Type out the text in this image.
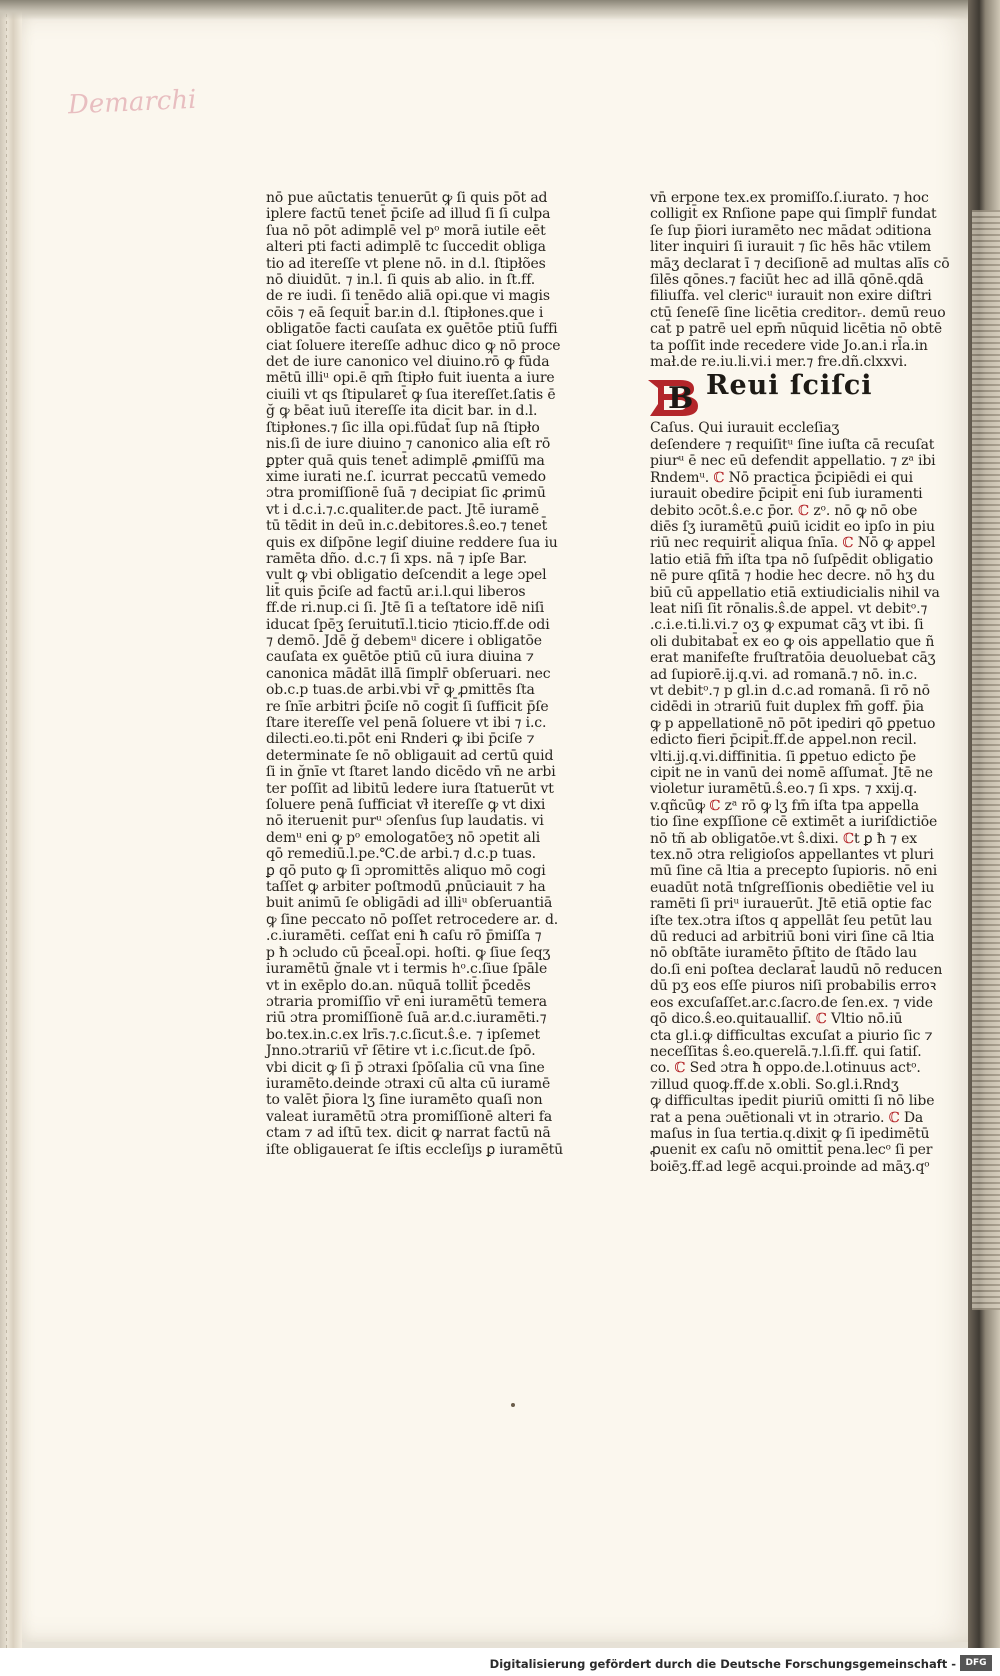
Demarchi

nō pue aūctatis tenuerūt ꝙ ſi quis pōt ad

iplere factū tenet̄ p̄ciſe ad illud ſi ſi culpa

ſua nō pōt adimplē vel pᵒ morā iutile eēt

alteri pti facti adimplē tc ſuccedit obliga

tio ad itereſſe vt plene nō. in d.l. ſtipłões

nō diuidūt. ⁊ in.l. ſi quis ab alio. in ſt.ff.

de re iudi. ſi tenēdo aliā opi.que vi magis

cōis ⁊ eā ſequit̄ bar.in d.l. ſtipłones.que i

obligatōe facti cauſata ex ꝯuētōe ptiū ſuffi

ciat ſoluere itereſſe adhuc dico ꝙ nō proce

det de iure canonico vel diuino.rō ꝙ fūda

mētū illiᵘ opi.ē qm̄ ſtipło fuit iuenta a iure

ciuili vt qs ſtipularet̄ ꝙ ſua itereſſet.ſatis ē

ğ ꝙ bēat iuū itereſſe ita dicit bar. in d.l.

ſtipłones.⁊ ſic illa opi.fūdat̄ ſup nā ſtipło

nis.ſi de iure diuino ⁊ canonico alia eſt rō

ꝑpter quā quis tenet̄ adimplē ꝓmiſſū ma

xime iurati ne.ſ. icurrat peccatū vemedo

ɔtra promiſſionē ſuā ⁊ decipiat ſic ꝓrimū

vt i d.c.i.⁊.c.qualiter.de pact. Jtē iuramē

tū tēdit in deū in.c.debitores.ŝ.eo.⁊ tenet̄

quis ex diſpōne legiſ diuine reddere ſua iu

ramēta dño. d.c.⁊ ſi xps. nā ⁊ ipſe Bar.

vult ꝙ vbi obligatio deſcendit a lege ɔpel

lit̄ quis p̄ciſe ad factū ar.i.l.qui liberos

ff.de ri.nup.ci ſi. Jtē ſi a teſtatore idē niſi

iducat ſpēʒ ſeruitutī.l.ticio ⁊ticio.ff.de odi

⁊ demō. Jdē ğ debemᵘ dicere i obligatōe

cauſata ex ꝯuētōe ptiū cū iura diuina ⁊

canonica mādāt illā ſimplr̄ obſeruari. nec

ob.c.p tuas.de arbi.vbi vr̄ ꝙ ꝓmittēs ſta

re ſnīe arbitri p̄ciſe nō cogit̄ ſi ſufficit p̄ſe

ſtare itereſſe vel penā ſoluere vt ibi ⁊ i.c.

dilecti.eo.ti.pōt eni Rnderi ꝙ ibi p̄ciſe ⁊

determinate ſe nō obligauit ad certū quid

ſi in ğnīe vt ſtaret lando dicēdo vn̄ ne arbi

ter poſſit ad libitū ledere iura ſtatuerūt vt

ſoluere penā ſufficiat vł̄ itereſſe ꝙ vt dixi

nō iteruenit purᵘ ɔſenſus ſup laudatis. vi

demᵘ eni ꝙ pᵒ emologatōeʒ nō ɔpetit ali

qō remediū.l.pe.℃.de arbi.⁊ d.c.p tuas.

ꝑ qō puto ꝙ ſi ɔpromittēs aliquo mō cogi

taſſet ꝙ arbiter poſtmodū ꝓnūciauit ⁊ ha

buit animū ſe obligādi ad illiᵘ obſeruantiā

ꝙ ſine peccato nō poſſet retrocedere ar. d.

.c.iuramēti. ceſſat eni ħ caſu rō p̄miſſa ⁊

p ħ ɔcludo cū p̄ceal̄.opi. hoſti. ꝙ ſiue ſeqʒ

iuramētū ğnale vt i termis hᵒ.c.ſiue ſpāle

vt in exēplo do.an. nūquā tollit̄ p̄cedēs

ɔtraria promiſſio vr̄ eni iuramētū temera

riū ɔtra promiſſionē ſuā ar.d.c.iuramēti.⁊

bo.tex.in.c.ex lrīs.⁊.c.ſicut.ŝ.e. ⁊ ipſemet

Jnno.ɔtrariū vr̄ ſētire vt i.c.ſicut.de ſpō.

vbi dicit ꝙ ſi p̄ ɔtraxi ſpōſalia cū vna ſine

iuramēto.deinde ɔtraxi cū alta cū iuramē

to valēt p̄iora lʒ ſine iuramēto quaſi non

valeat iuramētū ɔtra promiſſionē alteri fa

ctam ⁊ ad iſtū tex. dicit ꝙ narrat factū nā

iſte obligauerat ſe iſtis eccleſiȷs ꝑ iuramētū

vn̄ erpone tex.ex promiſſo.ſ.iurato. ⁊ hoc

colligit̄ ex Rnſione pape qui ſimplr̄ fundat

ſe ſup p̄iori iuramēto nec mādat ɔditiona

liter inquiri ſi iurauit ⁊ ſic hēs hāc vtilem

māʒ declarat ī ⁊ deciſionē ad multas alīs cō

ſilēs qōnes.⁊ faciūt hec ad illā qōnē.qdā

filiuſfa. vel clericᵘ iurauit non exire diſtri

ctū ſeneſē ſine licētia creditorᵣ. demū reuo

cat̄ p patrē uel epm̄ nūquid licētia nō obtē

ta poſſit inde recedere vide Jo.an.i rl̄a.in

mał.de re.iu.li.vi.i mer.⁊ fre.dñ.clxxvi.

B Reui ſciſci

Caſus. Qui iurauit eccleſiaʒ

deſendere ⁊ requiſitᵘ ſine iuſta cā recuſat

piurᵘ ē nec eū defendit appellatio. ⁊ zᵃ ibi

Rndemᵘ. ℂ Nō practica p̄cipiēdi ei qui

iurauit obedire p̄cipit̄ eni ſub iuramenti

debito ɔcōt.ŝ.e.c p̄or. ℂ zᵒ. nō ꝙ nō obe

diēs ſʒ iuramētū ꝓuiū icidit eo ipſo in piu

riū nec requirit̄ aliqua ſnīa. ℂ Nō ꝙ appel

latio etiā fm̄ iſta tpa nō ſuſpēdit obligatio

nē pure qſitā ⁊ hodie hec decre. nō hʒ du

biū cū appellatio etiā extiudicialis nihil va

leat niſi ſit rōnalis.ŝ.de appel. vt debitᵒ.⁊

.c.i.e.ti.li.vi.⁊ oʒ ꝙ expumat cāʒ vt ibi. ſi

oli dubitabat̄ ex eo ꝙ ois appellatio que ñ

erat manifeſte fruſtratōia deuoluebat cāʒ

ad ſupiorē.ij.q.vi. ad romanā.⁊ nō. in.c.

vt debitᵒ.⁊ p gl.in d.c.ad romanā. ſi rō nō

cidēdi in ɔtrariū fuit duplex fm̄ goff. p̄ia

ꝙ p appellationē nō pōt ipediri qō ꝑpetuo

edicto fieri p̄cipit̄.ff.de appel.non recil.

vlti.ij.q.vi.diffinitia. ſi ꝑpetuo edicto p̄e

cipit̄ ne in vanū dei nomē aſſumat̄. Jtē ne

violetur iuramētū.ŝ.eo.⁊ ſi xps. ⁊ xxij.q.

v.qñcūꝙ ℂ zᵃ rō ꝙ lʒ fm̄ iſta tpa appella

tio ſine expſſione cē extimēt a iuriſdictiōe

nō tñ ab obligatōe.vt ŝ.dixi. ℂt ꝑ ħ ⁊ ex

tex.nō ɔtra religioſos appellantes vt pluri

mū ſine cā ltia a precepto ſupioris. nō eni

euadūt notā tnſgreſſionis obediētie vel iu

ramēti ſi priᵘ iurauerūt. Jtē etiā optie fac

iſte tex.ɔtra iſtos q appellāt ſeu petūt lau

dū reduci ad arbitriū boni viri ſine cā ltia

nō obſtāte iuramēto p̄ſtito de ſtādo lau

do.ſi eni poſtea declarat̄ laudū nō reducen

dū pʒ eos eſſe piuros niſi probabilis erroꝛ

eos excuſaſſet.ar.c.ſacro.de ſen.ex. ⁊ vide

qō dico.ŝ.eo.quitaualliſ. ℂ Vltio nō.iū

cta gl.i.ꝙ difficultas excuſat a piurio ſic ⁊

neceſſitas ŝ.eo.querelā.⁊.l.ſi.ff. qui ſatiſ.

co. ℂ Sed ɔtra ħ oppo.de.l.otinuus actᵒ.

⁊illud quoꝙ.ff.de x.obli. So.gl.i.Rndʒ

ꝙ difficultas ipedit piuriū omitti ſi nō libe

rat a pena ɔuētionali vt in ɔtrario. ℂ Da

maſus in ſua tertia.q.dixit ꝙ ſi ipedimētū

ꝓuenit ex caſu nō omittit̄ pena.lecᵒ ſi per

boiēʒ.ff.ad legē acqui.proinde ad māʒ.qᵒ

Digitalisierung gefördert durch die Deutsche Forschungsgemeinschaft -	DFG
